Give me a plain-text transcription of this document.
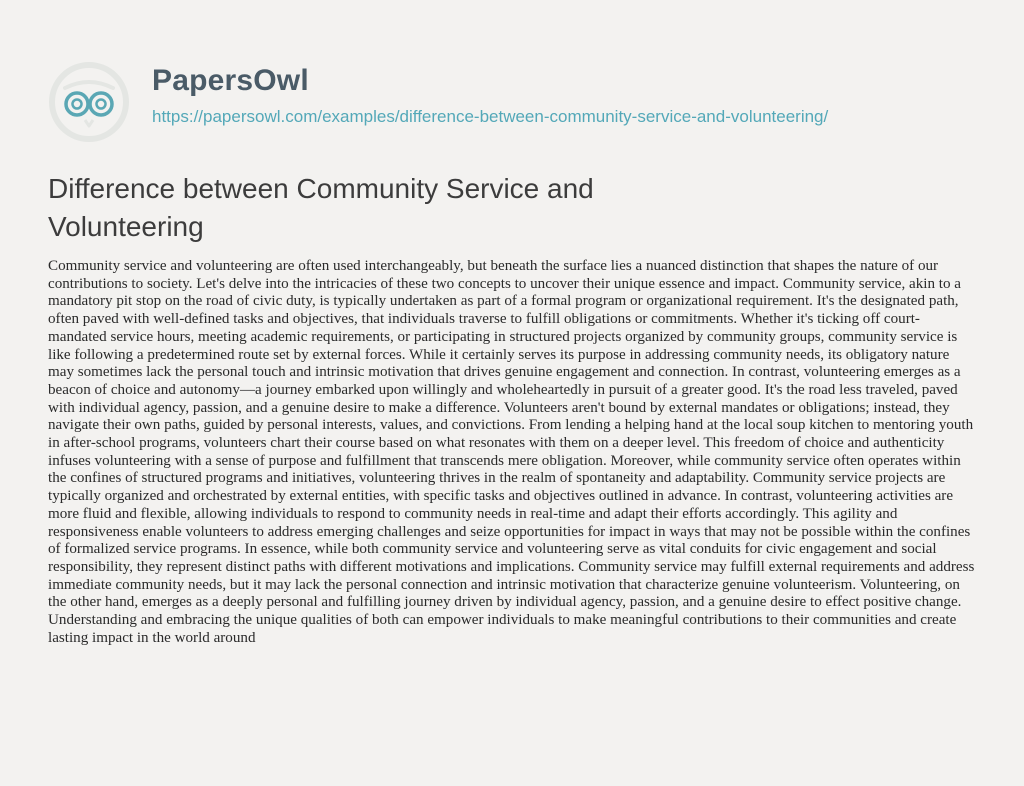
PapersOwl
https://papersowl.com/examples/difference-between-community-service-and-volunteering/
Difference between Community Service and Volunteering

Community service and volunteering are often used interchangeably, but beneath the surface lies a nuanced distinction that shapes the nature of our contributions to society. Let's delve into the intricacies of these two concepts to uncover their unique essence and impact. Community service, akin to a mandatory pit stop on the road of civic duty, is typically undertaken as part of a formal program or organizational requirement. It's the designated path, often paved with well-defined tasks and objectives, that individuals traverse to fulfill obligations or commitments. Whether it's ticking off court-mandated service hours, meeting academic requirements, or participating in structured projects organized by community groups, community service is like following a predetermined route set by external forces. While it certainly serves its purpose in addressing community needs, its obligatory nature may sometimes lack the personal touch and intrinsic motivation that drives genuine engagement and connection. In contrast, volunteering emerges as a beacon of choice and autonomy—a journey embarked upon willingly and wholeheartedly in pursuit of a greater good. It's the road less traveled, paved with individual agency, passion, and a genuine desire to make a difference. Volunteers aren't bound by external mandates or obligations; instead, they navigate their own paths, guided by personal interests, values, and convictions. From lending a helping hand at the local soup kitchen to mentoring youth in after-school programs, volunteers chart their course based on what resonates with them on a deeper level. This freedom of choice and authenticity infuses volunteering with a sense of purpose and fulfillment that transcends mere obligation. Moreover, while community service often operates within the confines of structured programs and initiatives, volunteering thrives in the realm of spontaneity and adaptability. Community service projects are typically organized and orchestrated by external entities, with specific tasks and objectives outlined in advance. In contrast, volunteering activities are more fluid and flexible, allowing individuals to respond to community needs in real-time and adapt their efforts accordingly. This agility and responsiveness enable volunteers to address emerging challenges and seize opportunities for impact in ways that may not be possible within the confines of formalized service programs. In essence, while both community service and volunteering serve as vital conduits for civic engagement and social responsibility, they represent distinct paths with different motivations and implications. Community service may fulfill external requirements and address immediate community needs, but it may lack the personal connection and intrinsic motivation that characterize genuine volunteerism. Volunteering, on the other hand, emerges as a deeply personal and fulfilling journey driven by individual agency, passion, and a genuine desire to effect positive change. Understanding and embracing the unique qualities of both can empower individuals to make meaningful contributions to their communities and create lasting impact in the world around
